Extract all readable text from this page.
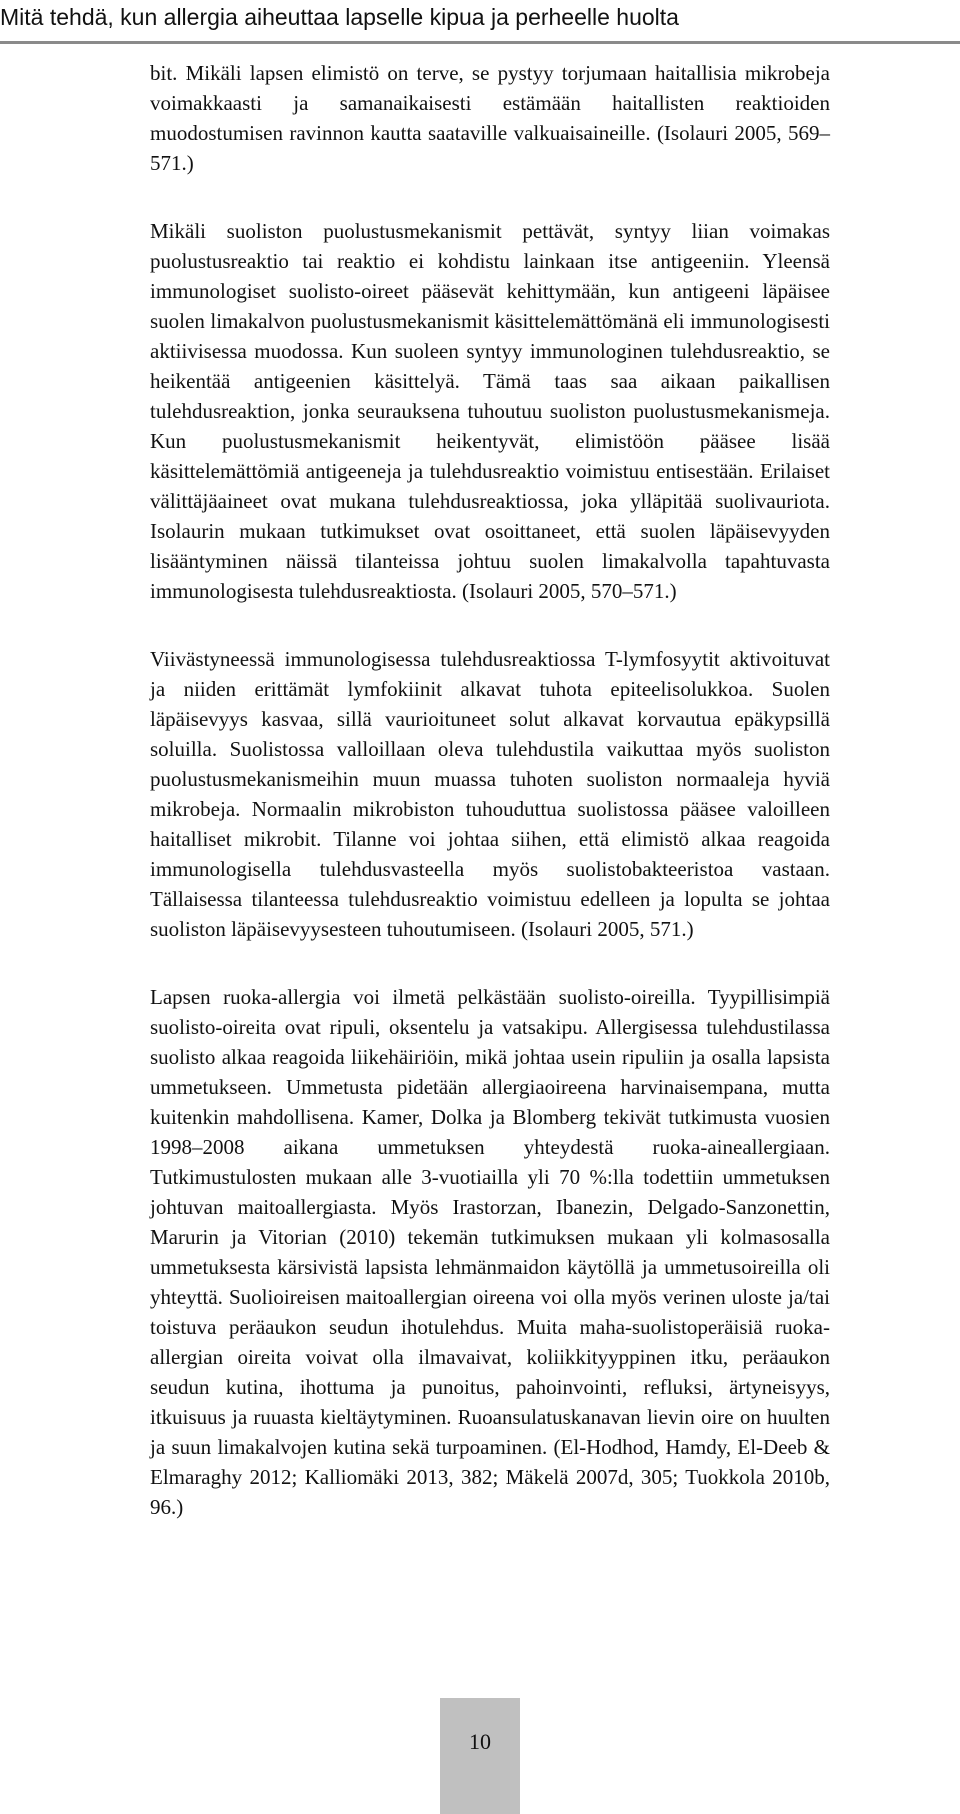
Mitä tehdä, kun allergia aiheuttaa lapselle kipua ja perheelle huolta

bit. Mikäli lapsen elimistö on terve, se pystyy torjumaan haitallisia mikrobeja voimakkaasti ja samanaikaisesti estämään haitallisten reaktioiden muodostumisen ravinnon kautta saataville valkuaisaineille. (Isolauri 2005, 569–571.)

Mikäli suoliston puolustusmekanismit pettävät, syntyy liian voimakas puolustusreaktio tai reaktio ei kohdistu lainkaan itse antigeeniin. Yleensä immunologiset suolisto-oireet pääsevät kehittymään, kun antigeeni läpäisee suolen limakalvon puolustusmekanismit käsittelemättömänä eli immunologisesti aktiivisessa muodossa. Kun suoleen syntyy immunologinen tulehdusreaktio, se heikentää antigeenien käsittelyä. Tämä taas saa aikaan paikallisen tulehdusreaktion, jonka seurauksena tuhoutuu suoliston puolustusmekanismeja. Kun puolustusmekanismit heikentyvät, elimistöön pääsee lisää käsittelemättömiä antigeeneja ja tulehdusreaktio voimistuu entisestään. Erilaiset välittäjäaineet ovat mukana tulehdusreaktiossa, joka ylläpitää suolivauriota. Isolaurin mukaan tutkimukset ovat osoittaneet, että suolen läpäisevyyden lisääntyminen näissä tilanteissa johtuu suolen limakalvolla tapahtuvasta immunologisesta tulehdusreaktiosta. (Isolauri 2005, 570–571.)

Viivästyneessä immunologisessa tulehdusreaktiossa T-lymfosyytit aktivoituvat ja niiden erittämät lymfokiinit alkavat tuhota epiteelisolukkoa. Suolen läpäisevyys kasvaa, sillä vaurioituneet solut alkavat korvautua epäkypsillä soluilla. Suolistossa valloillaan oleva tulehdustila vaikuttaa myös suoliston puolustusmekanismeihin muun muassa tuhoten suoliston normaaleja hyviä mikrobeja. Normaalin mikrobiston tuhouduttua suolistossa pääsee valoilleen haitalliset mikrobit. Tilanne voi johtaa siihen, että elimistö alkaa reagoida immunologisella tulehdusvasteella myös suolistobakteeristoa vastaan. Tällaisessa tilanteessa tulehdusreaktio voimistuu edelleen ja lopulta se johtaa suoliston läpäisevyysesteen tuhoutumiseen. (Isolauri 2005, 571.)

Lapsen ruoka-allergia voi ilmetä pelkästään suolisto-oireilla. Tyypillisimpiä suolisto-oireita ovat ripuli, oksentelu ja vatsakipu. Allergisessa tulehdustilassa suolisto alkaa reagoida liikehäiriöin, mikä johtaa usein ripuliin ja osalla lapsista ummetukseen. Ummetusta pidetään allergiaoireena harvinaisempana, mutta kuitenkin mahdollisena. Kamer, Dolka ja Blomberg tekivät tutkimusta vuosien 1998–2008 aikana ummetuksen yhteydestä ruoka-aineallergiaan. Tutkimustulosten mukaan alle 3-vuotiailla yli 70 %:lla todettiin ummetuksen johtuvan maitoallergiasta. Myös Irastorzan, Ibanezin, Delgado-Sanzonettin, Marurin ja Vitorian (2010) tekemän tutkimuksen mukaan yli kolmasosalla ummetuksesta kärsivistä lapsista lehmänmaidon käytöllä ja ummetusoireilla oli yhteyttä. Suolioireisen maitoallergian oireena voi olla myös verinen uloste ja/tai toistuva peräaukon seudun ihotulehdus. Muita maha-suolistoperäisiä ruoka-allergian oireita voivat olla ilmavaivat, koliikkityyppinen itku, peräaukon seudun kutina, ihottuma ja punoitus, pahoinvointi, refluksi, ärtyneisyys, itkuisuus ja ruuasta kieltäytyminen. Ruoansulatuskanavan lievin oire on huulten ja suun limakalvojen kutina sekä turpoaminen. (El-Hodhod, Hamdy, El-Deeb & Elmaraghy 2012; Kalliomäki 2013, 382; Mäkelä 2007d, 305; Tuokkola 2010b, 96.)

10
